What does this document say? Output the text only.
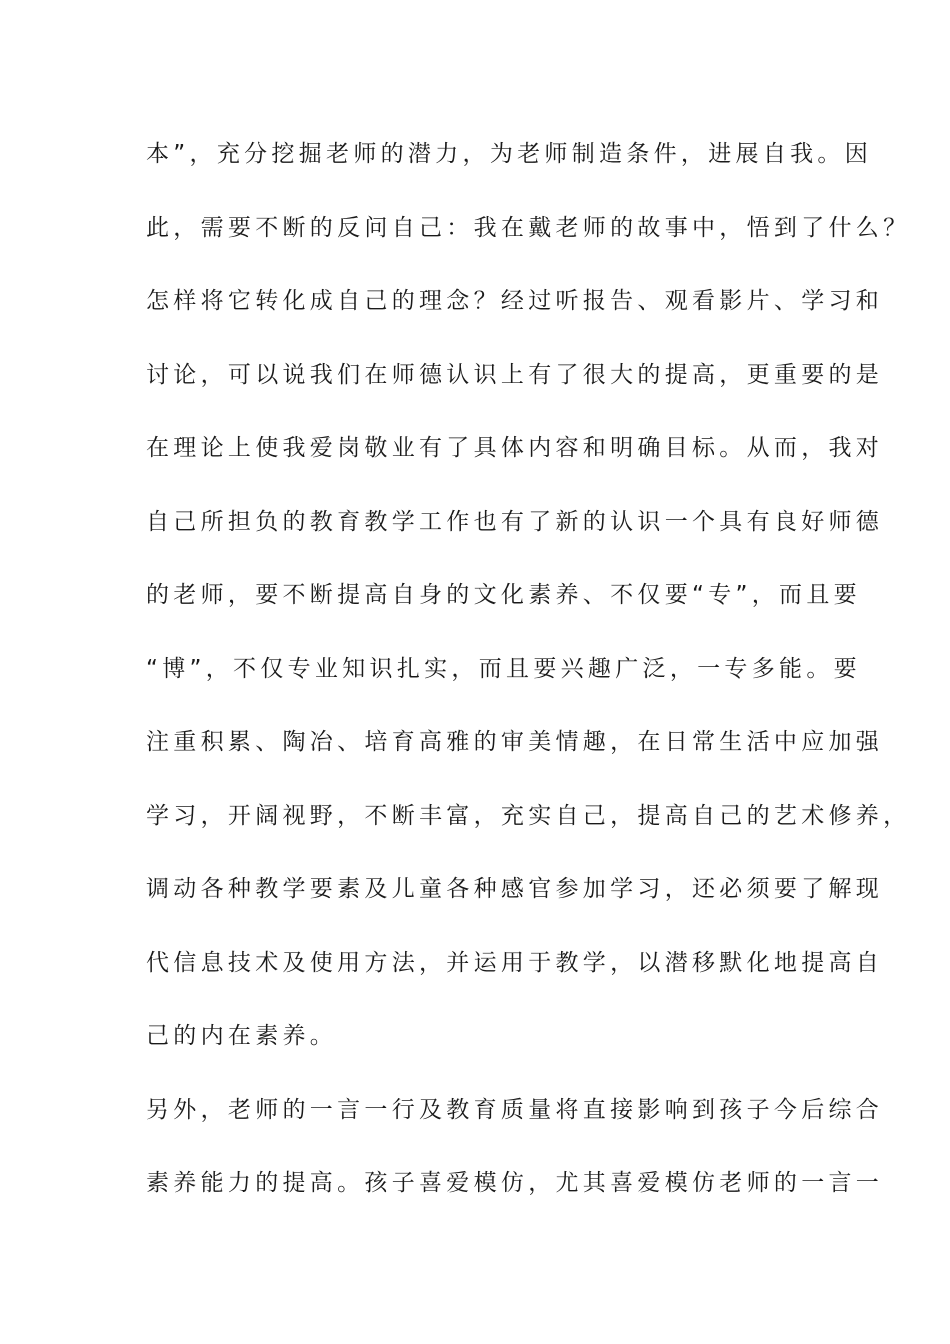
本”，充分挖掘老师的潜力，为老师制造条件，进展自我。因
此，需要不断的反问自己：我在戴老师的故事中，悟到了什么？
怎样将它转化成自己的理念？经过听报告、观看影片、学习和
讨论，可以说我们在师德认识上有了很大的提高，更重要的是
在理论上使我爱岗敬业有了具体内容和明确目标。从而，我对
自己所担负的教育教学工作也有了新的认识一个具有良好师德
的老师，要不断提高自身的文化素养、不仅要“专”，而且要
“博”，不仅专业知识扎实，而且要兴趣广泛，一专多能。要
注重积累、陶冶、培育高雅的审美情趣，在日常生活中应加强
学习，开阔视野，不断丰富，充实自己，提高自己的艺术修养，
调动各种教学要素及儿童各种感官参加学习，还必须要了解现
代信息技术及使用方法，并运用于教学，以潜移默化地提高自
己的内在素养。
另外，老师的一言一行及教育质量将直接影响到孩子今后综合
素养能力的提高。孩子喜爱模仿，尤其喜爱模仿老师的一言一
